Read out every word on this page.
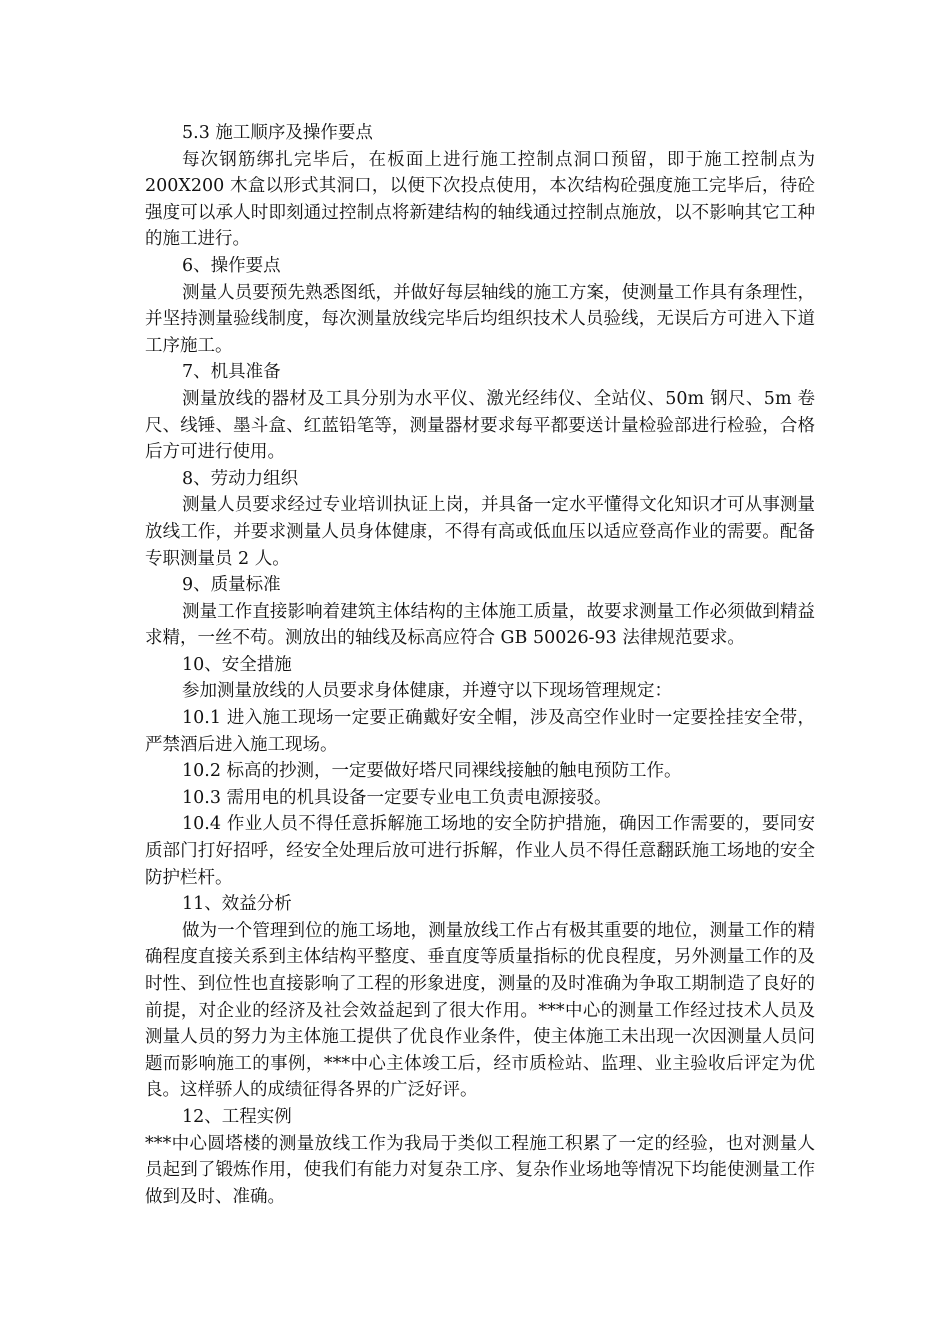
5.3 施工顺序及操作要点

每次钢筋绑扎完毕后，在板面上进行施工控制点洞口预留，即于施工控制点为 200X200 木盒以形式其洞口，以便下次投点使用，本次结构砼强度施工完毕后，待砼强度可以承人时即刻通过控制点将新建结构的轴线通过控制点施放，以不影响其它工种的施工进行。

6、操作要点

测量人员要预先熟悉图纸，并做好每层轴线的施工方案，使测量工作具有条理性，并坚持测量验线制度，每次测量放线完毕后均组织技术人员验线，无误后方可进入下道工序施工。

7、机具准备

测量放线的器材及工具分别为水平仪、激光经纬仪、全站仪、50m 钢尺、5m 卷尺、线锤、墨斗盒、红蓝铅笔等，测量器材要求每平都要送计量检验部进行检验，合格后方可进行使用。

8、劳动力组织

测量人员要求经过专业培训执证上岗，并具备一定水平懂得文化知识才可从事测量放线工作，并要求测量人员身体健康，不得有高或低血压以适应登高作业的需要。配备专职测量员 2 人。

9、质量标准

测量工作直接影响着建筑主体结构的主体施工质量，故要求测量工作必须做到精益求精，一丝不苟。测放出的轴线及标高应符合 GB 50026-93 法律规范要求。

10、安全措施

参加测量放线的人员要求身体健康，并遵守以下现场管理规定：

10.1 进入施工现场一定要正确戴好安全帽，涉及高空作业时一定要拴挂安全带，严禁酒后进入施工现场。

10.2 标高的抄测，一定要做好塔尺同裸线接触的触电预防工作。

10.3 需用电的机具设备一定要专业电工负责电源接驳。

10.4 作业人员不得任意拆解施工场地的安全防护措施，确因工作需要的，要同安质部门打好招呼，经安全处理后放可进行拆解，作业人员不得任意翻跃施工场地的安全防护栏杆。

11、效益分析

做为一个管理到位的施工场地，测量放线工作占有极其重要的地位，测量工作的精确程度直接关系到主体结构平整度、垂直度等质量指标的优良程度，另外测量工作的及时性、到位性也直接影响了工程的形象进度，测量的及时准确为争取工期制造了良好的前提，对企业的经济及社会效益起到了很大作用。***中心的测量工作经过技术人员及测量人员的努力为主体施工提供了优良作业条件，使主体施工未出现一次因测量人员问题而影响施工的事例，***中心主体竣工后，经市质检站、监理、业主验收后评定为优良。这样骄人的成绩征得各界的广泛好评。

12、工程实例

***中心圆塔楼的测量放线工作为我局于类似工程施工积累了一定的经验，也对测量人员起到了锻炼作用，使我们有能力对复杂工序、复杂作业场地等情况下均能使测量工作做到及时、准确。
